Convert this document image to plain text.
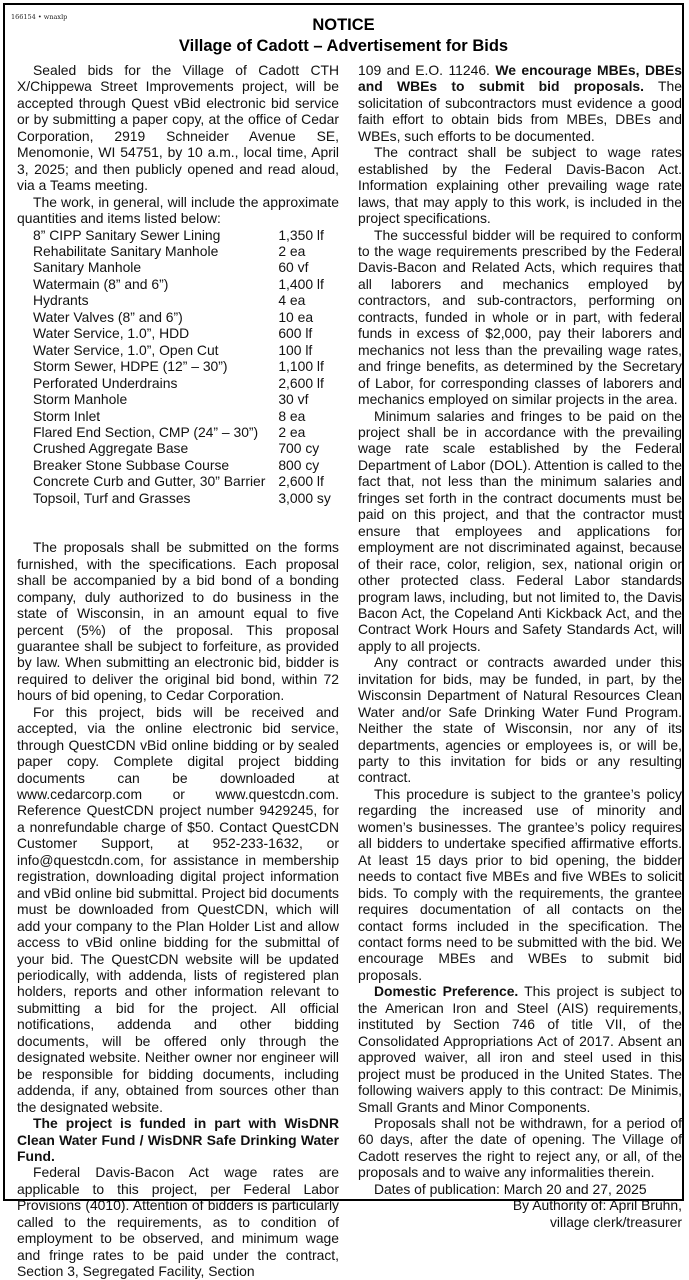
166154 • wnaxlp	NOTICE
Village of Cadott – Advertisement for Bids

Sealed bids for the Village of Cadott CTH X/Chippewa Street Improvements project, will be accepted through Quest vBid electronic bid service or by submitting a paper copy, at the office of Cedar Corporation, 2919 Schneider Avenue SE, Menomonie, WI 54751, by 10 a.m., local time, April 3, 2025; and then publicly opened and read aloud, via a Teams meeting.

The work, in general, will include the approximate quantities and items listed below:

8” CIPP Sanitary Sewer Lining	1,350 lf
Rehabilitate Sanitary Manhole	2 ea
Sanitary Manhole	60 vf
Watermain (8” and 6”)	1,400 lf
Hydrants	4 ea
Water Valves (8” and 6”)	10 ea
Water Service, 1.0”, HDD	600 lf
Water Service, 1.0”, Open Cut	100 lf
Storm Sewer, HDPE (12” – 30”)	1,100 lf
Perforated Underdrains	2,600 lf
Storm Manhole	30 vf
Storm Inlet	8 ea
Flared End Section, CMP (24” – 30”)	2 ea
Crushed Aggregate Base	700 cy
Breaker Stone Subbase Course	800 cy
Concrete Curb and Gutter, 30” Barrier	2,600 lf
Topsoil, Turf and Grasses	3,000 sy

The proposals shall be submitted on the forms furnished, with the specifications. Each proposal shall be accompanied by a bid bond of a bonding company, duly authorized to do business in the state of Wisconsin, in an amount equal to five percent (5%) of the proposal. This proposal guarantee shall be subject to forfeiture, as provided by law. When submitting an electronic bid, bidder is required to deliver the original bid bond, within 72 hours of bid opening, to Cedar Corporation.

For this project, bids will be received and accepted, via the online electronic bid service, through QuestCDN vBid online bidding or by sealed paper copy. Complete digital project bidding documents can be downloaded at www.cedarcorp.com or www.questcdn.com. Reference QuestCDN project number 9429245, for a nonrefundable charge of $50. Contact QuestCDN Customer Support, at 952-233-1632, or info@questcdn.com, for assistance in membership registration, downloading digital project information and vBid online bid submittal. Project bid documents must be downloaded from QuestCDN, which will add your company to the Plan Holder List and allow access to vBid online bidding for the submittal of your bid. The QuestCDN website will be updated periodically, with addenda, lists of registered plan holders, reports and other information relevant to submitting a bid for the project. All official notifications, addenda and other bidding documents, will be offered only through the designated website. Neither owner nor engineer will be responsible for bidding documents, including addenda, if any, obtained from sources other than the designated website.

The project is funded in part with WisDNR Clean Water Fund / WisDNR Safe Drinking Water Fund.

Federal Davis-Bacon Act wage rates are applicable to this project, per Federal Labor Provisions (4010). Attention of bidders is particularly called to the requirements, as to condition of employment to be observed, and minimum wage and fringe rates to be paid under the contract, Section 3, Segregated Facility, Section

109 and E.O. 11246. We encourage MBEs, DBEs and WBEs to submit bid proposals. The solicitation of subcontractors must evidence a good faith effort to obtain bids from MBEs, DBEs and WBEs, such efforts to be documented.

The contract shall be subject to wage rates established by the Federal Davis-Bacon Act. Information explaining other prevailing wage rate laws, that may apply to this work, is included in the project specifications.

The successful bidder will be required to conform to the wage requirements prescribed by the Federal Davis-Bacon and Related Acts, which requires that all laborers and mechanics employed by contractors, and sub-contractors, performing on contracts, funded in whole or in part, with federal funds in excess of $2,000, pay their laborers and mechanics not less than the prevailing wage rates, and fringe benefits, as determined by the Secretary of Labor, for corresponding classes of laborers and mechanics employed on similar projects in the area.

Minimum salaries and fringes to be paid on the project shall be in accordance with the prevailing wage rate scale established by the Federal Department of Labor (DOL). Attention is called to the fact that, not less than the minimum salaries and fringes set forth in the contract documents must be paid on this project, and that the contractor must ensure that employees and applications for employment are not discriminated against, because of their race, color, religion, sex, national origin or other protected class. Federal Labor standards program laws, including, but not limited to, the Davis Bacon Act, the Copeland Anti Kickback Act, and the Contract Work Hours and Safety Standards Act, will apply to all projects.

Any contract or contracts awarded under this invitation for bids, may be funded, in part, by the Wisconsin Department of Natural Resources Clean Water and/or Safe Drinking Water Fund Program. Neither the state of Wisconsin, nor any of its departments, agencies or employees is, or will be, party to this invitation for bids or any resulting contract.

This procedure is subject to the grantee’s policy regarding the increased use of minority and women’s businesses. The grantee’s policy requires all bidders to undertake specified affirmative efforts. At least 15 days prior to bid opening, the bidder needs to contact five MBEs and five WBEs to solicit bids. To comply with the requirements, the grantee requires documentation of all contacts on the contact forms included in the specification. The contact forms need to be submitted with the bid. We encourage MBEs and WBEs to submit bid proposals.

Domestic Preference. This project is subject to the American Iron and Steel (AIS) requirements, instituted by Section 746 of title VII, of the Consolidated Appropriations Act of 2017. Absent an approved waiver, all iron and steel used in this project must be produced in the United States. The following waivers apply to this contract: De Minimis, Small Grants and Minor Components.

Proposals shall not be withdrawn, for a period of 60 days, after the date of opening. The Village of Cadott reserves the right to reject any, or all, of the proposals and to waive any informalities therein.

Dates of publication: March 20 and 27, 2025

By Authority of: April Bruhn,

village clerk/treasurer
